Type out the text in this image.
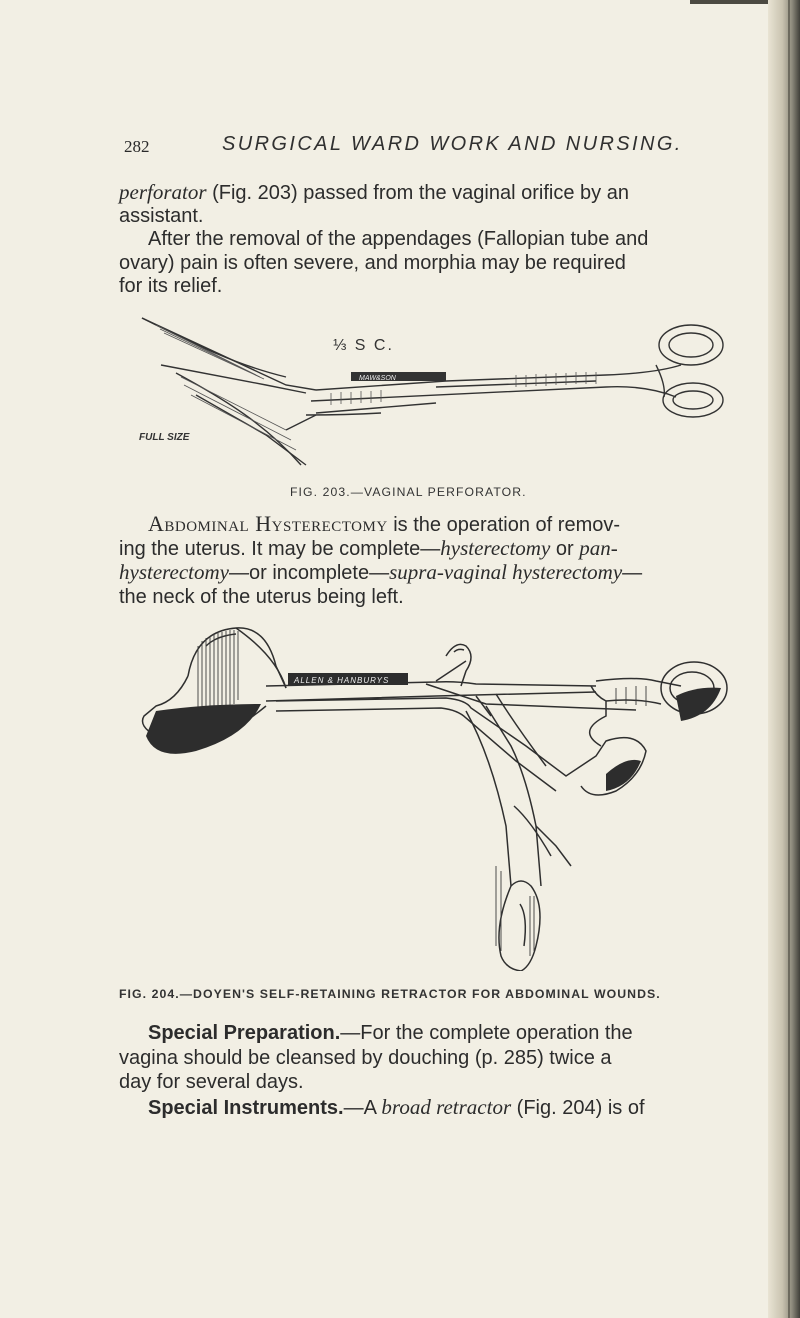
282	SURGICAL WARD WORK AND NURSING.
perforator (Fig. 203) passed from the vaginal orifice by an
assistant.
After the removal of the appendages (Fallopian tube and
ovary) pain is often severe, and morphia may be required
for its relief.
MAW&SON
⅓ S C.
FULL SIZE
FIG. 203.—VAGINAL PERFORATOR.
Abdominal Hysterectomy is the operation of remov-
ing the uterus. It may be complete—hysterectomy or pan-
hysterectomy—or incomplete—supra-vaginal hysterectomy—
the neck of the uterus being left.
ALLEN & HANBURYS
FIG. 204.—DOYEN'S SELF-RETAINING RETRACTOR FOR ABDOMINAL WOUNDS.
Special Preparation.—For the complete operation the
vagina should be cleansed by douching (p. 285) twice a
day for several days.
Special Instruments.—A broad retractor (Fig. 204) is of
